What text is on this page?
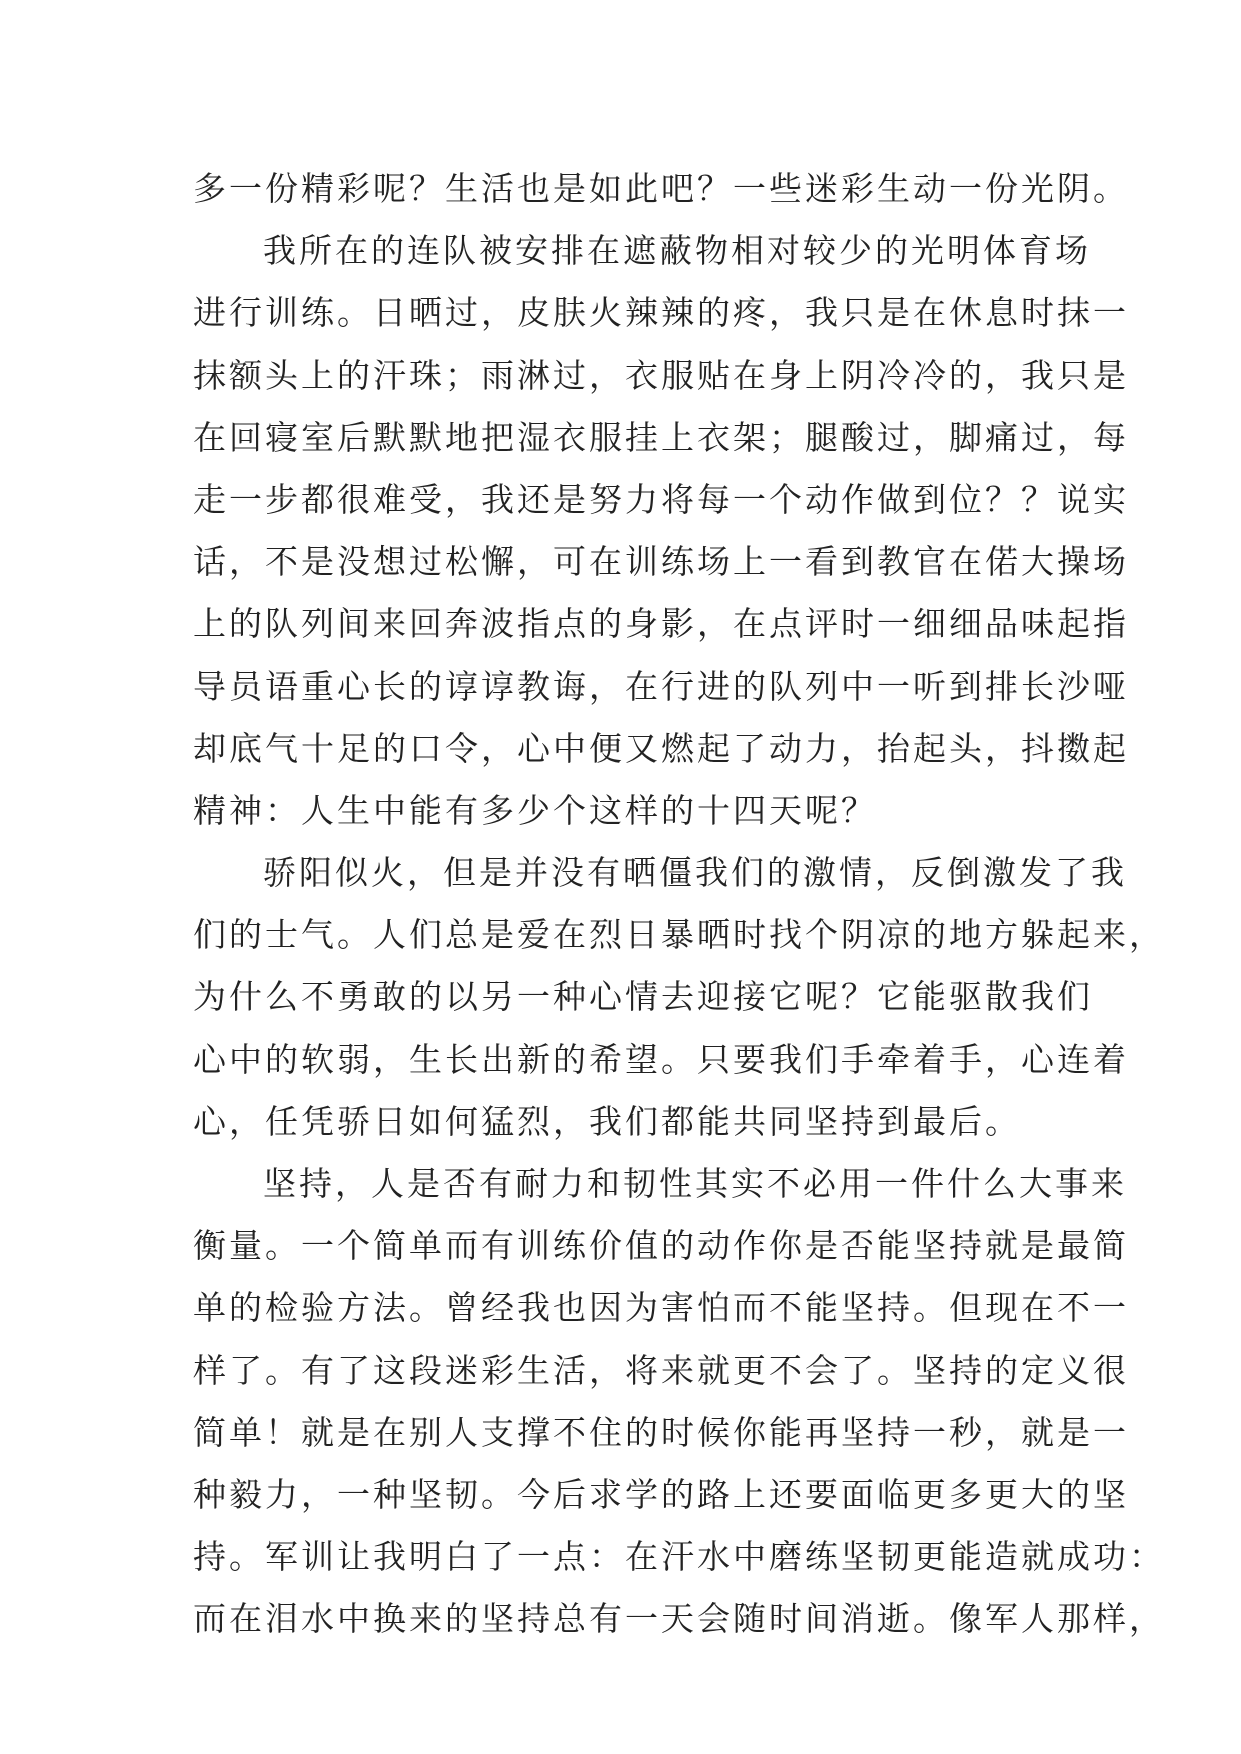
多一份精彩呢？生活也是如此吧？一些迷彩生动一份光阴。
我所在的连队被安排在遮蔽物相对较少的光明体育场
进行训练。日晒过，皮肤火辣辣的疼，我只是在休息时抹一
抹额头上的汗珠；雨淋过，衣服贴在身上阴冷冷的，我只是
在回寝室后默默地把湿衣服挂上衣架；腿酸过，脚痛过，每
走一步都很难受，我还是努力将每一个动作做到位？？说实
话，不是没想过松懈，可在训练场上一看到教官在偌大操场
上的队列间来回奔波指点的身影，在点评时一细细品味起指
导员语重心长的谆谆教诲，在行进的队列中一听到排长沙哑
却底气十足的口令，心中便又燃起了动力，抬起头，抖擞起
精神：人生中能有多少个这样的十四天呢？
骄阳似火，但是并没有晒僵我们的激情，反倒激发了我
们的士气。人们总是爱在烈日暴晒时找个阴凉的地方躲起来，
为什么不勇敢的以另一种心情去迎接它呢？它能驱散我们
心中的软弱，生长出新的希望。只要我们手牵着手，心连着
心，任凭骄日如何猛烈，我们都能共同坚持到最后。
坚持，人是否有耐力和韧性其实不必用一件什么大事来
衡量。一个简单而有训练价值的动作你是否能坚持就是最简
单的检验方法。曾经我也因为害怕而不能坚持。但现在不一
样了。有了这段迷彩生活，将来就更不会了。坚持的定义很
简单！就是在别人支撑不住的时候你能再坚持一秒，就是一
种毅力，一种坚韧。今后求学的路上还要面临更多更大的坚
持。军训让我明白了一点：在汗水中磨练坚韧更能造就成功：
而在泪水中换来的坚持总有一天会随时间消逝。像军人那样，
